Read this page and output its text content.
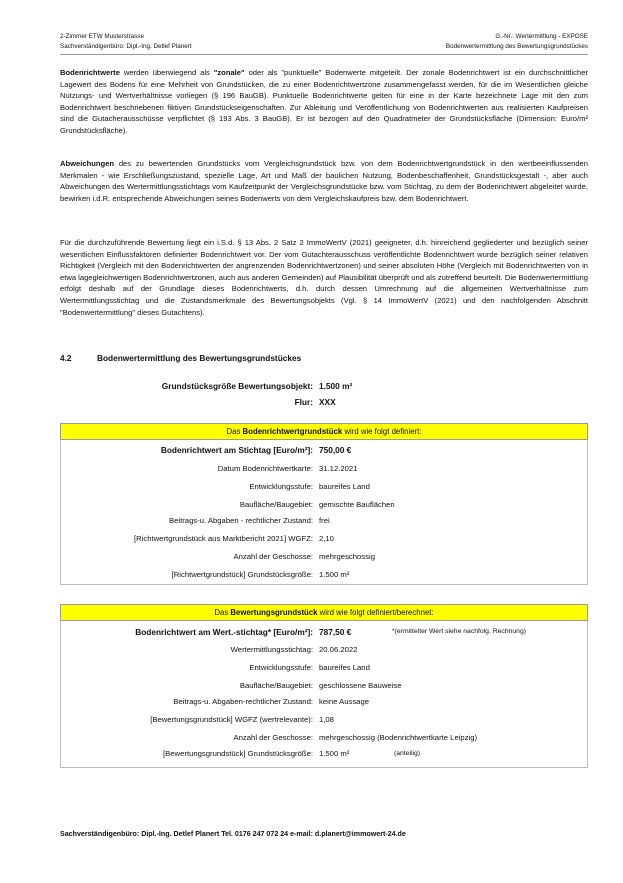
2-Zimmer ETW Musterstrasse	G.-Nr.: Wertermittlung - EXPOSE
Sachverständigenbüro: Dipl.-Ing. Detlef Planert	Bodenwertermittlung des Bewertungsgrundstückes
Bodenrichtwerte werden überwiegend als "zonale" oder als "punktuelle" Bodenwerte mitgeteilt. Der zonale Bodenrichtwert ist ein durchschnittlicher Lagewert des Bodens für eine Mehrheit von Grundstücken, die zu einer Bodenrichtwertzone zusammengefasst werden, für die im Wesentlichen gleiche Nutzungs- und Wertverhältnisse vorliegen (§ 196 BauGB). Punktuelle Bodenrichtwerte gelten für eine in der Karte bezeichnete Lage mit den zum Bodenrichtwert beschriebenen fiktiven Grundstückseigenschaften. Zur Ableitung und Veröffentlichung von Bodenrichtwerten aus realisierten Kaufpreisen sind die Gutacherausschüsse verpflichtet (§ 193 Abs. 3 BauGB). Er ist bezogen auf den Quadratmeter der Grundstücksfläche (Dimension: Euro/m² Grundstücksfläche).
Abweichungen des zu bewertenden Grundstücks vom Vergleichsgrundstück bzw. von dem Bodenrichtwertgrundstück in den wertbeeinflussenden Merkmalen - wie Erschließungszustand, spezielle Lage, Art und Maß der baulichen Nutzung, Bodenbeschaffenheit, Grundstücksgestalt -, aber auch Abweichungen des Wertermittlungsstichtags vom Kaufzeitpunkt der Vergleichsgrundstücke bzw. vom Stichtag, zu dem der Bodenrichtwert abgeleitet wurde, bewirken i.d.R. entsprechende Abweichungen seines Bodenwerts von dem Vergleichskaufpreis bzw. dem Bodenrichtwert.
Für die durchzuführende Bewertung liegt ein i.S.d. § 13 Abs. 2 Satz 2 ImmoWertV (2021) geeigneter, d.h. hinreichend gegliederter und bezüglich seiner wesentlichen Einflussfaktoren definierter Bodenrichtwert vor. Der vom Gutachterausschuss veröffentlichte Bodenrichtwert wurde bezüglich seiner relativen Richtigkeit (Vergleich mit den Bodenrichtwerten der angrenzenden Bodenrichtwertzonen) und seiner absoluten Höhe (Vergleich mit Bodenrichtwerten von in etwa lagegleichwertigen Bodenrichtwertzonen, auch aus anderen Gemeinden) auf Plausibilität überprüft und als zutreffend beurteilt. Die Bodenwertermittlung erfolgt deshalb auf der Grundlage dieses Bodenrichtwerts, d.h. durch dessen Umrechnung auf die allgemeinen Wertverhältnisse zum Wertermittlungsstichtag und die Zustandsmerkmale des Bewertungsobjekts (Vgl. § 14 ImmoWertV (2021) und den nachfolgenden Abschnitt "Bodenwertermittlung" dieses Gutachtens).
4.2	Bodenwertermittlung des Bewertungsgrundstückes
Grundstücksgröße Bewertungsobjekt: 1.500 m²
Flur: XXX
Das Bodenrichtwertgrundstück wird wie folgt definiert:
Bodenrichtwert am Stichtag [Euro/m²]: 750,00 €
Datum Bodenrichtwertkarte: 31.12.2021
Entwicklungsstufe: baureifes Land
Baufläche/Baugebiet: gemischte Bauflächen
Beitrags-u. Abgaben - rechtlicher Zustand: frei
[Richtwertgrundstück aus Marktbericht 2021] WGFZ: 2,10
Anzahl der Geschosse: mehrgeschossig
[Richtwertgrundstück] Grundstücksgröße: 1.500 m²
Das Bewertungsgrundstück wird wie folgt definiert/berechnet:
Bodenrichtwert am Wert.-stichtag* [Euro/m²]: 787,50 €	*(ermittelter Wert siehe nachfolg. Rechnung)
Wertermittlungsstichtag: 20.06.2022
Entwicklungsstufe: baureifes Land
Baufläche/Baugebiet: geschlossene Bauweise
Beitrags-u. Abgaben-rechtlicher Zustand: keine Aussage
[Bewertungsgrundstück] WGFZ (wertrelevante): 1,08
Anzahl der Geschosse: mehrgeschossig (Bodenrichtwertkarte Leipzig)
[Bewertungsgrundstück] Grundstücksgröße: 1.500 m²	(anteilig)
Sachverständigenbüro: Dipl.-Ing. Detlef Planert Tel. 0176 247 072 24 e-mail: d.planert@immowert-24.de
